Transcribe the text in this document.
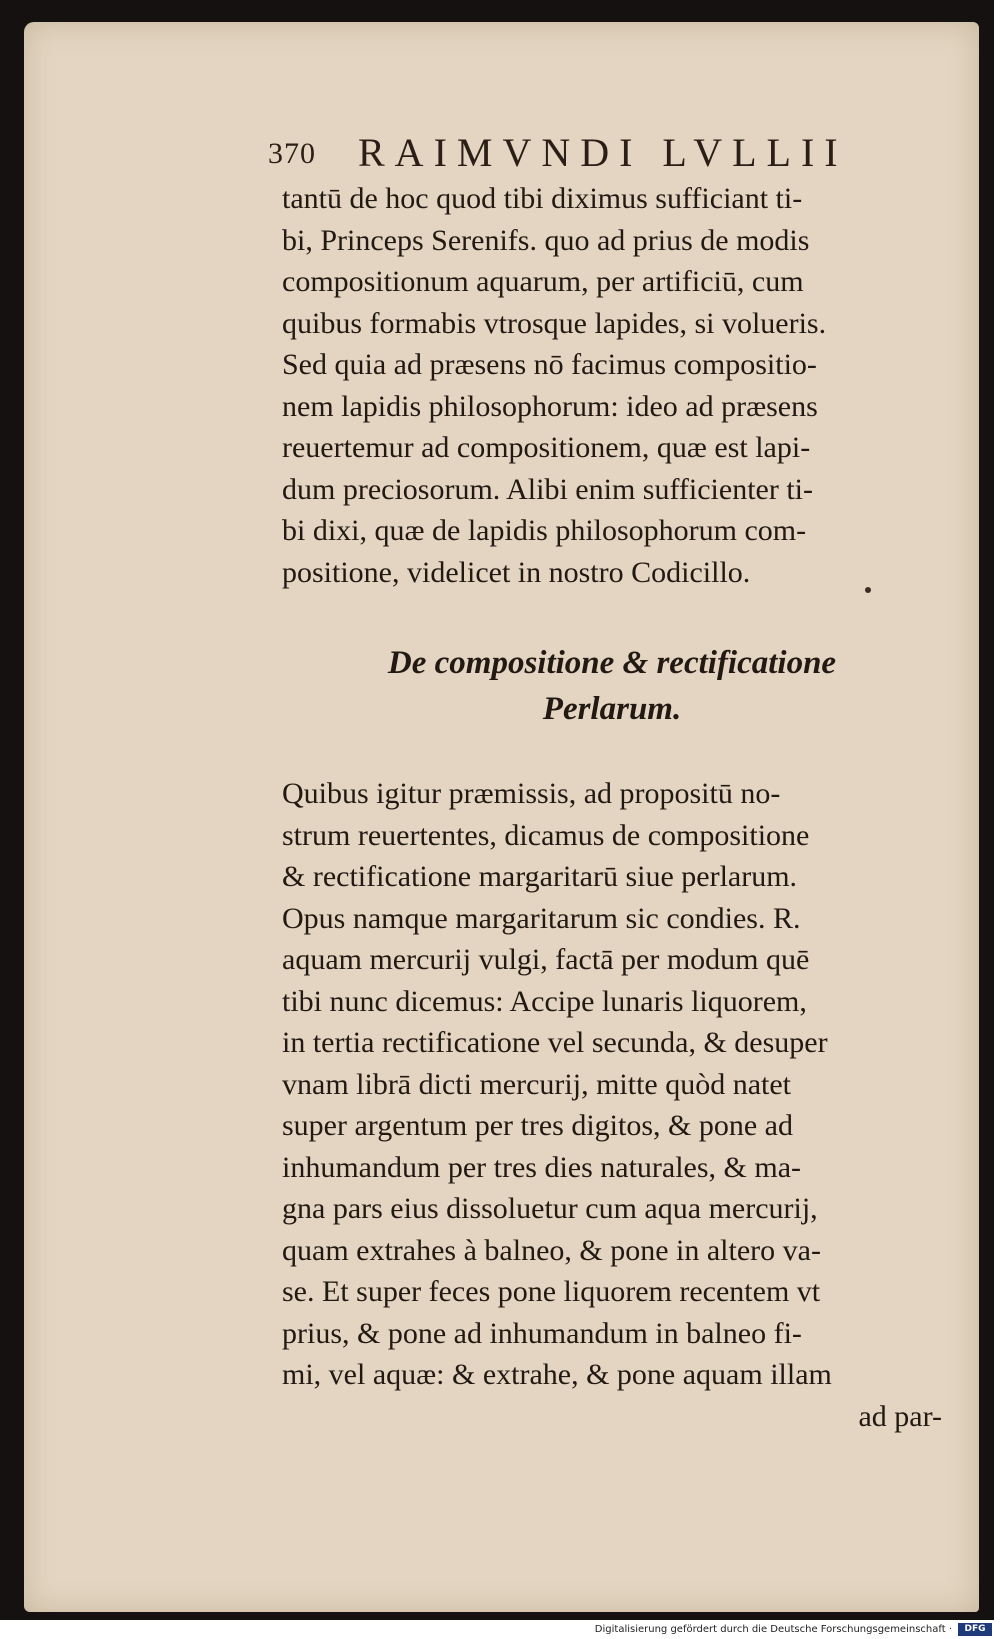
370 RAIMVNDI LVLLII
tantū de hoc quod tibi diximus sufficiant ti-
bi, Princeps Serenifs. quo ad prius de modis
compositionum aquarum, per artificiū, cum
quibus formabis vtrosque lapides, si volueris.
Sed quia ad præsens nō facimus compositio-
nem lapidis philosophorum: ideo ad præsens
reuertemur ad compositionem, quæ est lapi-
dum preciosorum. Alibi enim sufficienter ti-
bi dixi, quæ de lapidis philosophorum com-
positione, videlicet in nostro Codicillo.
De compositione & rectificatione
Perlarum.
Quibus igitur præmissis, ad propositū no-
strum reuertentes, dicamus de compositione
& rectificatione margaritarū siue perlarum.
Opus namque margaritarum sic condies. R.
aquam mercurij vulgi, factā per modum quē
tibi nunc dicemus: Accipe lunaris liquorem,
in tertia rectificatione vel secunda, & desuper
vnam librā dicti mercurij, mitte quòd natet
super argentum per tres digitos, & pone ad
inhumandum per tres dies naturales, & ma-
gna pars eius dissoluetur cum aqua mercurij,
quam extrahes à balneo, & pone in altero va-
se. Et super feces pone liquorem recentem vt
prius, & pone ad inhumandum in balneo fi-
mi, vel aquæ: & extrahe, & pone aquam illam
ad par-
Digitalisierung gefördert durch die Deutsche Forschungsgemeinschaft ·	DFG
